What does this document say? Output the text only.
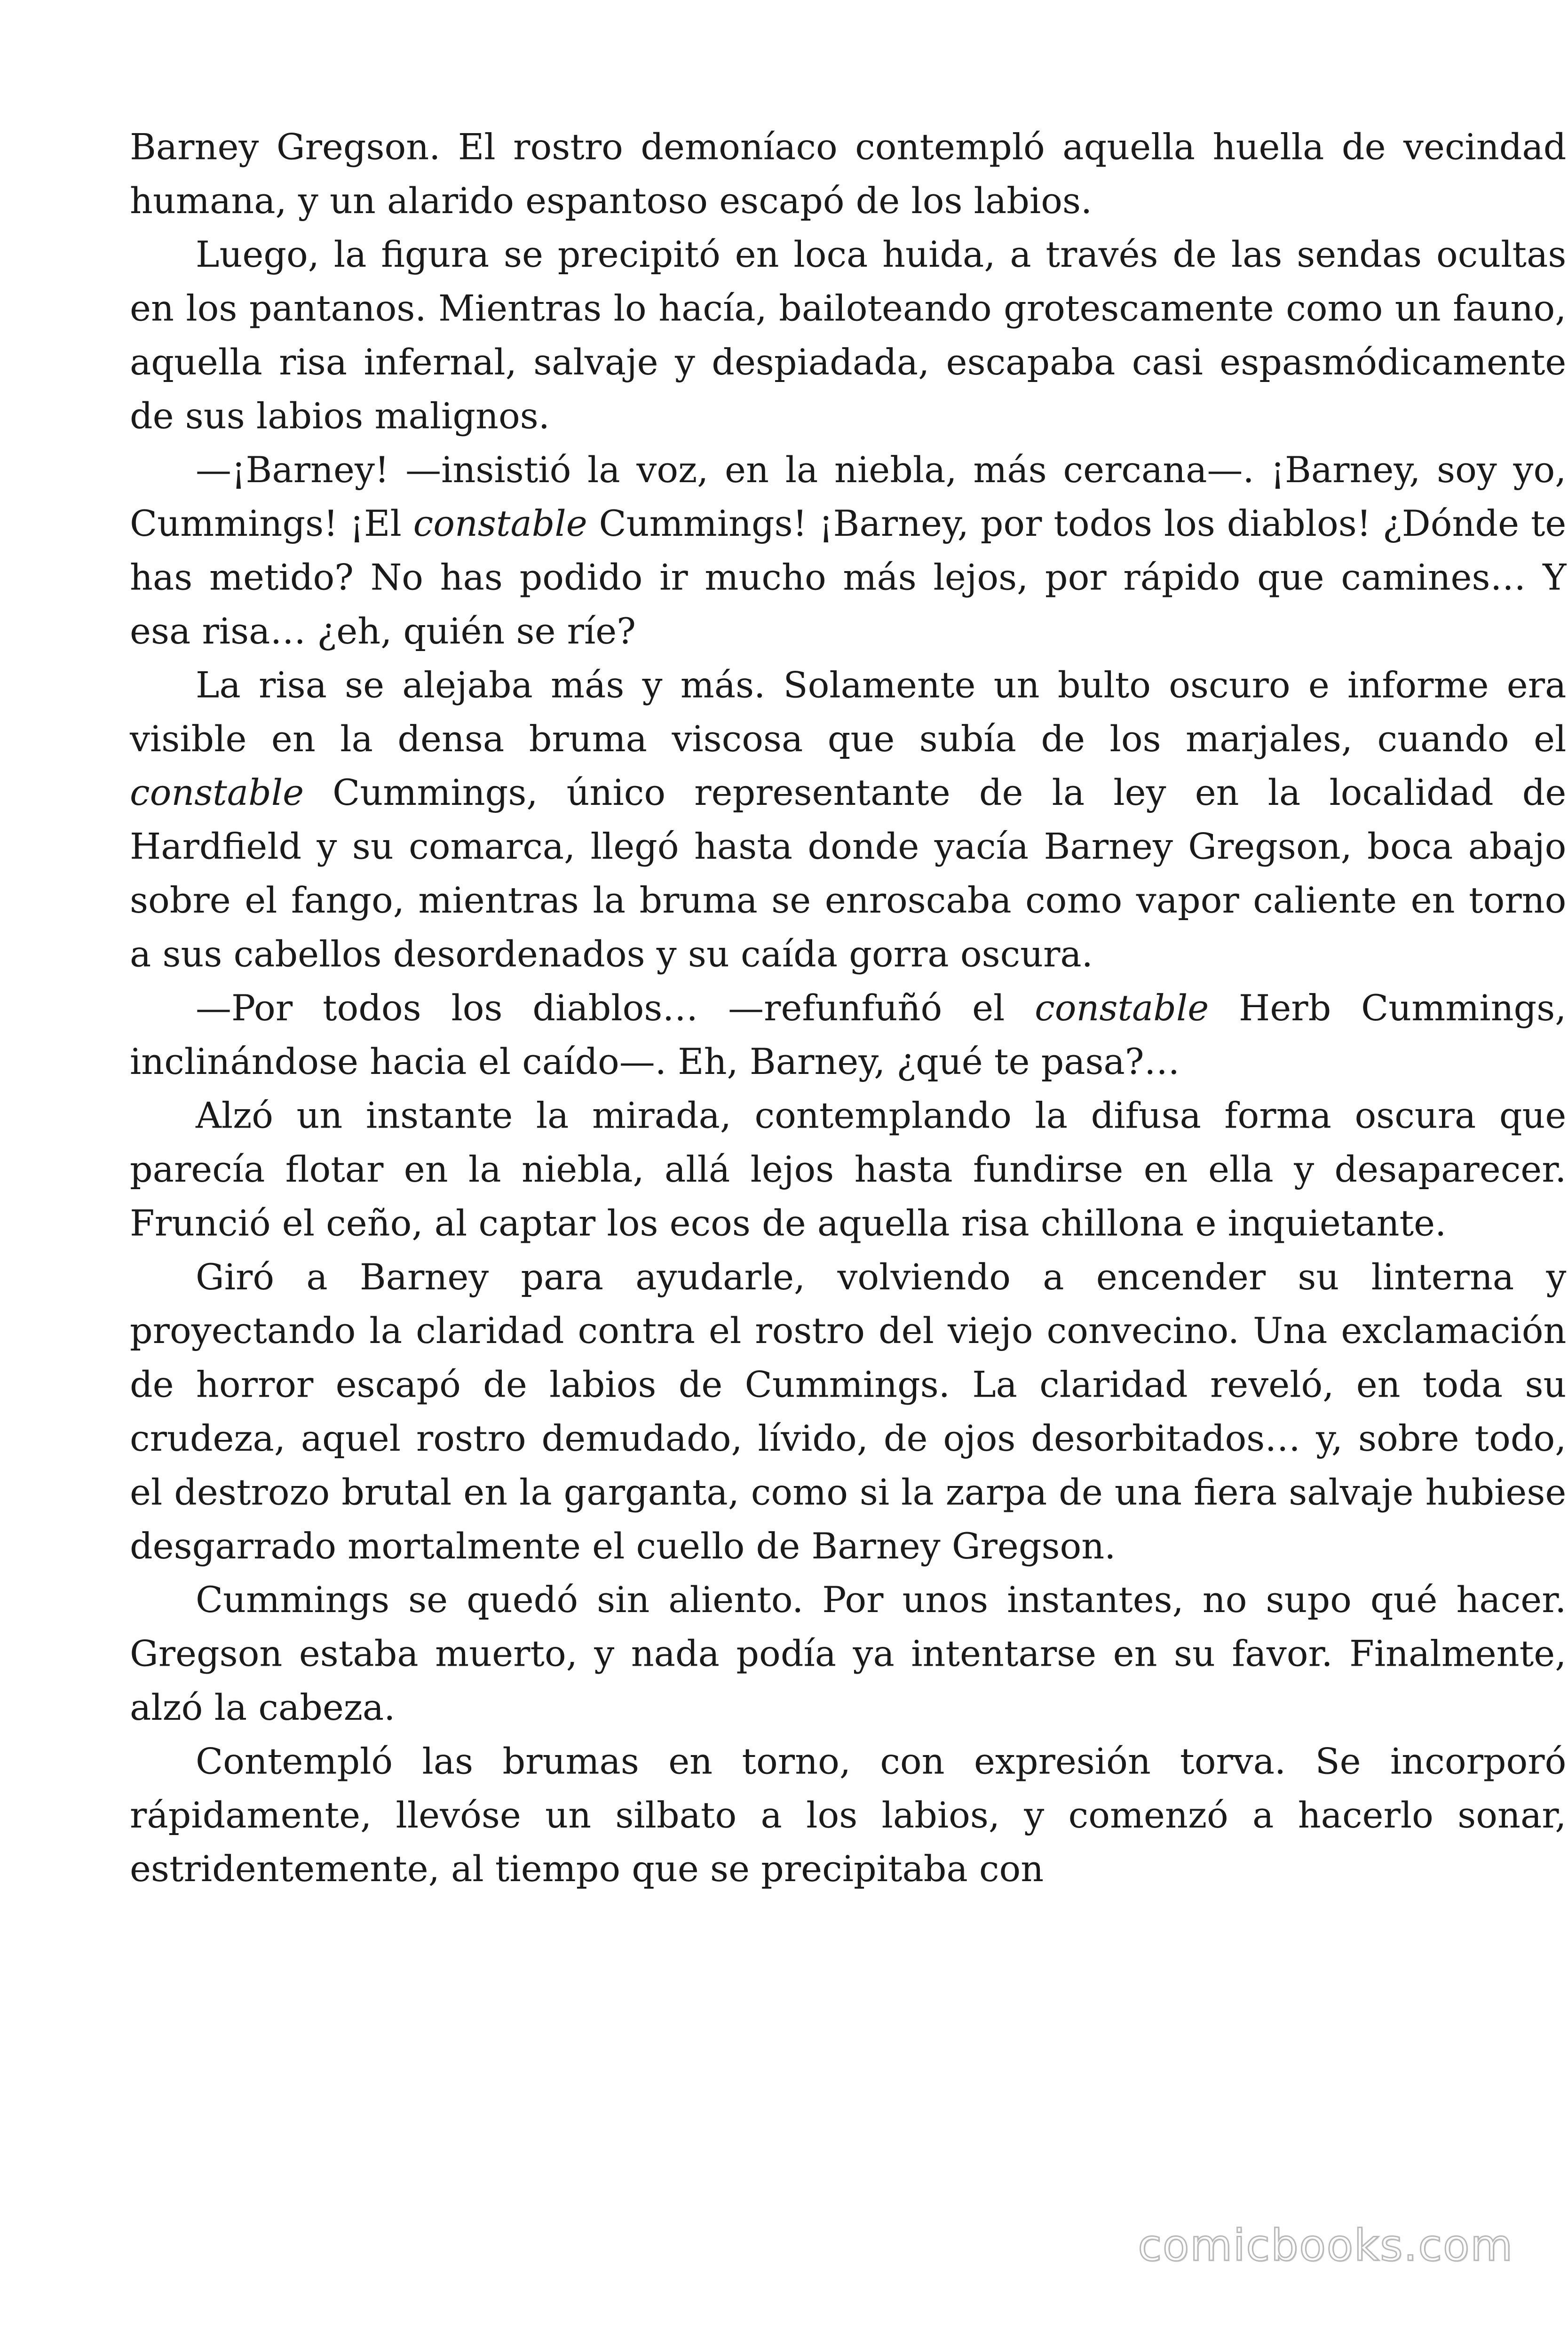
Barney Gregson. El rostro demoníaco contempló aquella huella de vecindad humana, y un alarido espantoso escapó de los labios.

Luego, la figura se precipitó en loca huida, a través de las sendas ocultas en los pantanos. Mientras lo hacía, bailoteando grotescamente como un fauno, aquella risa infernal, salvaje y despiadada, escapaba casi espasmódicamente de sus labios malignos.

—¡Barney! —insistió la voz, en la niebla, más cercana—. ¡Barney, soy yo, Cummings! ¡El constable Cummings! ¡Barney, por todos los diablos! ¿Dónde te has metido? No has podido ir mucho más lejos, por rápido que camines… Y esa risa… ¿eh, quién se ríe?

La risa se alejaba más y más. Solamente un bulto oscuro e informe era visible en la densa bruma viscosa que subía de los marjales, cuando el constable Cummings, único representante de la ley en la localidad de Hardfield y su comarca, llegó hasta donde yacía Barney Gregson, boca abajo sobre el fango, mientras la bruma se enroscaba como vapor caliente en torno a sus cabellos desordenados y su caída gorra oscura.

—Por todos los diablos… —refunfuñó el constable Herb Cummings, inclinándose hacia el caído—. Eh, Barney, ¿qué te pasa?…

Alzó un instante la mirada, contemplando la difusa forma oscura que parecía flotar en la niebla, allá lejos hasta fundirse en ella y desaparecer. Frunció el ceño, al captar los ecos de aquella risa chillona e inquietante.

Giró a Barney para ayudarle, volviendo a encender su linterna y proyectando la claridad contra el rostro del viejo convecino. Una exclamación de horror escapó de labios de Cummings. La claridad reveló, en toda su crudeza, aquel rostro demudado, lívido, de ojos desorbitados… y, sobre todo, el destrozo brutal en la garganta, como si la zarpa de una fiera salvaje hubiese desgarrado mortalmente el cuello de Barney Gregson.

Cummings se quedó sin aliento. Por unos instantes, no supo qué hacer. Gregson estaba muerto, y nada podía ya intentarse en su favor. Finalmente, alzó la cabeza.

Contempló las brumas en torno, con expresión torva. Se incorporó rápidamente, llevóse un silbato a los labios, y comenzó a hacerlo sonar, estridentemente, al tiempo que se precipitaba con

comicbooks.com
